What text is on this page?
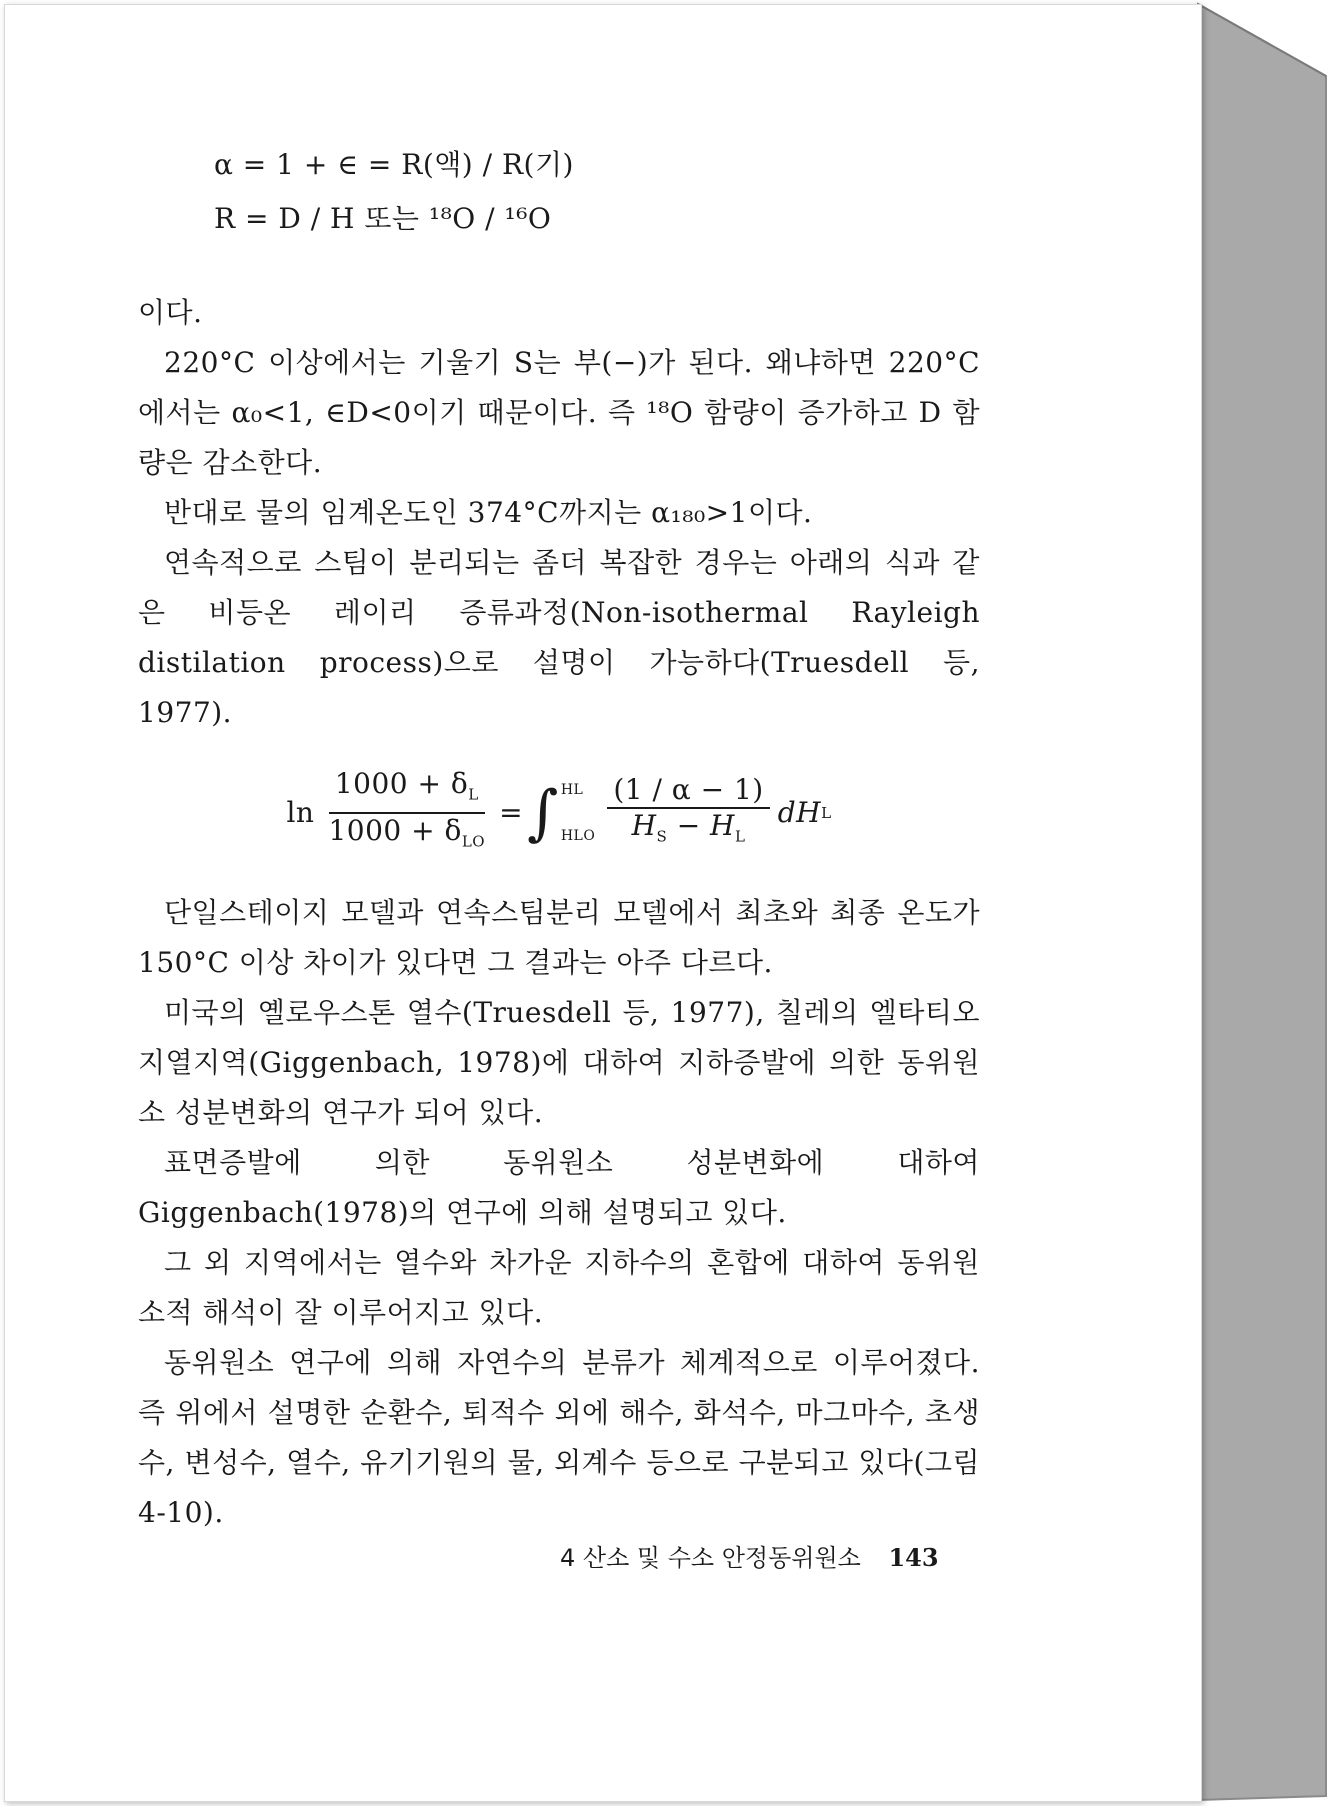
α = 1 + ∈ = R(액) / R(기)
R = D / H 또는 ¹⁸O / ¹⁶O
이다.
220°C 이상에서는 기울기 S는 부(−)가 된다. 왜냐하면 220°C에서는 α₀<1, ∈D<0이기 때문이다. 즉 ¹⁸O 함량이 증가하고 D 함량은 감소한다.
반대로 물의 임계온도인 374°C까지는 α₁₈₀>1이다.
연속적으로 스팀이 분리되는 좀더 복잡한 경우는 아래의 식과 같은 비등온 레이리 증류과정(Non-isothermal Rayleigh distilation process)으로 설명이 가능하다(Truesdell 등, 1977).
$\ln \frac{1000 + \delta_L}{1000 + \delta_{LO}}$ = ∫ HL
HLO $\frac{(1 / \alpha - 1)}{H_S - H_L}$ dH L
단일스테이지 모델과 연속스팀분리 모델에서 최초와 최종 온도가 150°C 이상 차이가 있다면 그 결과는 아주 다르다.
미국의 옐로우스톤 열수(Truesdell 등, 1977), 칠레의 엘타티오 지열지역(Giggenbach, 1978)에 대하여 지하증발에 의한 동위원소 성분변화의 연구가 되어 있다.
표면증발에 의한 동위원소 성분변화에 대하여 Giggenbach(1978)의 연구에 의해 설명되고 있다.
그 외 지역에서는 열수와 차가운 지하수의 혼합에 대하여 동위원소적 해석이 잘 이루어지고 있다.
동위원소 연구에 의해 자연수의 분류가 체계적으로 이루어졌다. 즉 위에서 설명한 순환수, 퇴적수 외에 해수, 화석수, 마그마수, 초생수, 변성수, 열수, 유기기원의 물, 외계수 등으로 구분되고 있다(그림 4-10).
4 산소 및 수소 안정동위원소 143
